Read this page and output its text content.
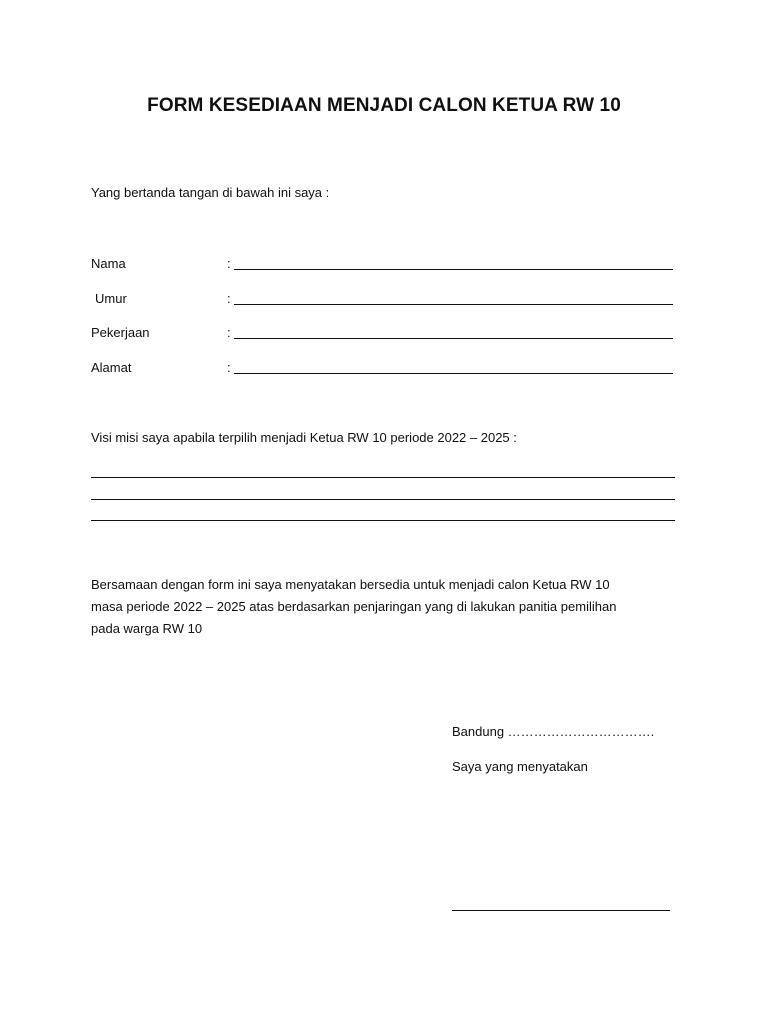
FORM KESEDIAAN MENJADI CALON KETUA RW 10
Yang bertanda tangan di bawah ini saya :
Nama	:
Umur	:
Pekerjaan	:
Alamat	:
Visi misi saya apabila terpilih menjadi Ketua RW 10 periode 2022 – 2025 :
Bersamaan dengan form ini saya menyatakan bersedia untuk menjadi calon Ketua RW 10
masa periode 2022 – 2025 atas berdasarkan penjaringan yang di lakukan panitia pemilihan
pada warga RW 10
Bandung …………………………….
Saya yang menyatakan
